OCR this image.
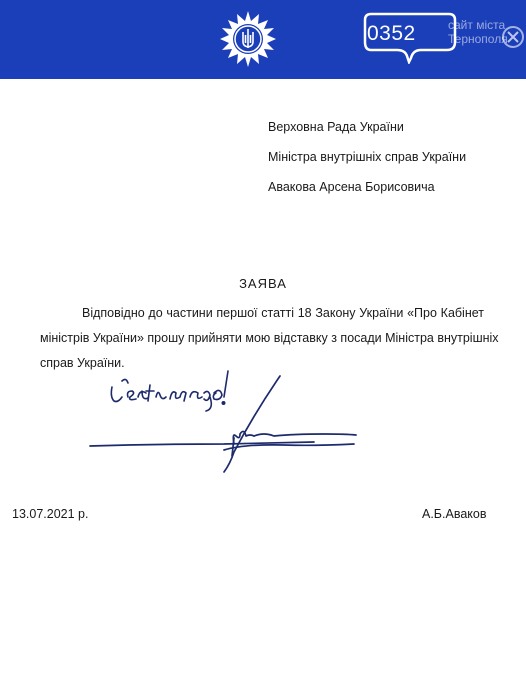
0352	сайт міста
Тернополя
Верховна Рада України
Міністра внутрішніх справ України
Авакова Арсена Борисовича
ЗАЯВА
Відповідно до частини першої статті 18 Закону України «Про Кабінет
міністрів України» прошу прийняти мою відставку з посади Міністра внутрішніх
справ України.
13.07.2021 р.	А.Б.Аваков
